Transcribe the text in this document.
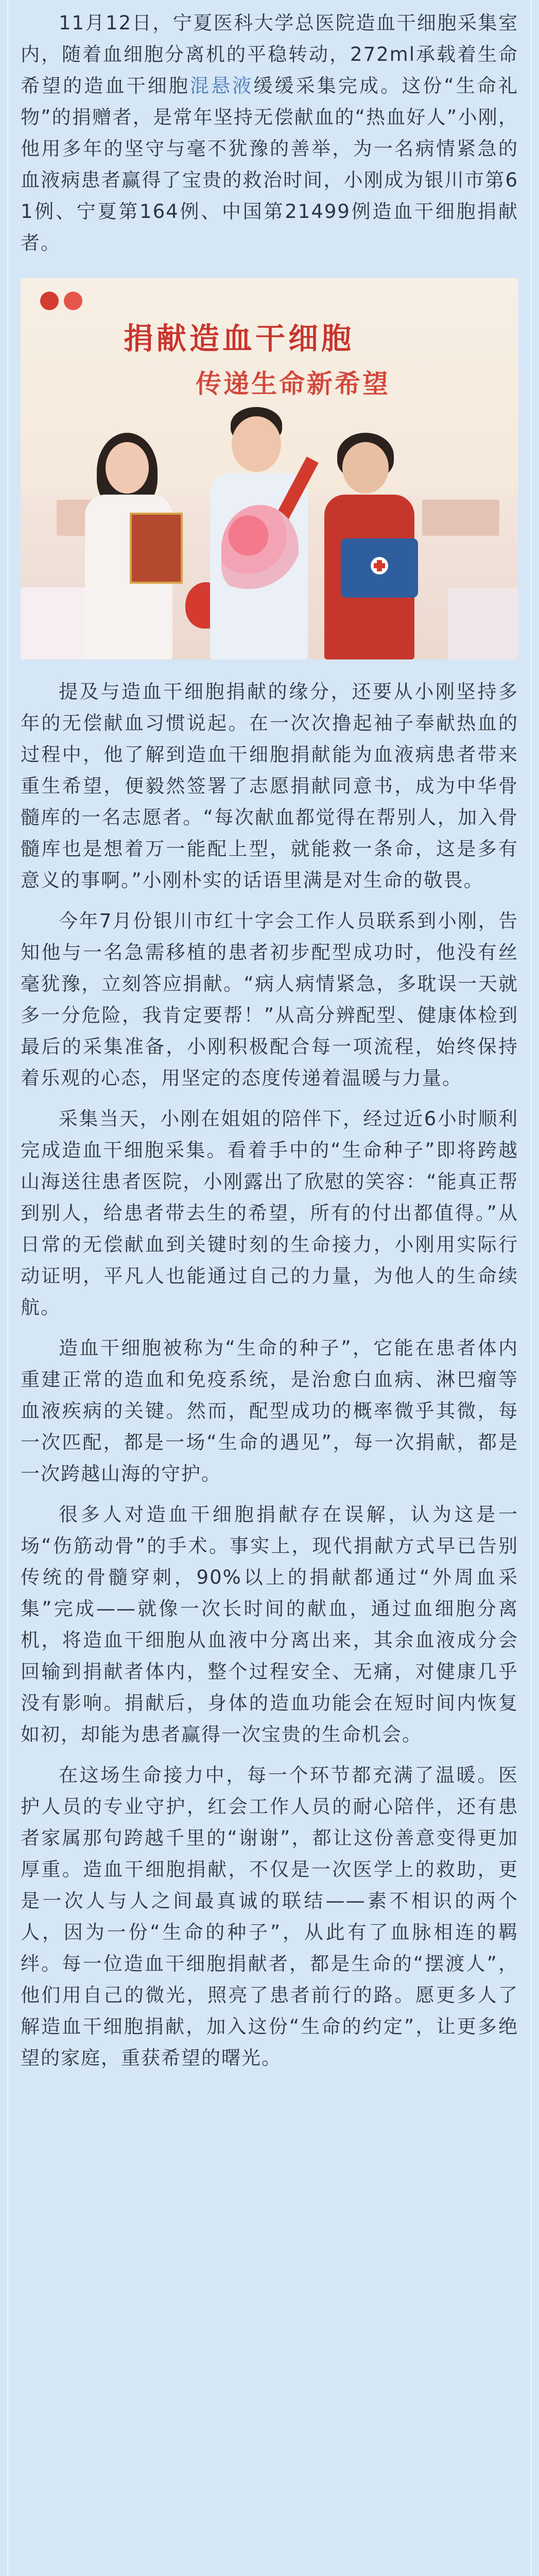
11月12日，宁夏医科大学总医院造血干细胞采集室内，随着血细胞分离机的平稳转动，272ml承载着生命希望的造血干细胞混悬液缓缓采集完成。这份“生命礼物”的捐赠者，是常年坚持无偿献血的“热血好人”小刚，他用多年的坚守与毫不犹豫的善举，为一名病情紧急的血液病患者赢得了宝贵的救治时间，小刚成为银川市第61例、宁夏第164例、中国第21499例造血干细胞捐献者。

捐献造血干细胞
传递生命新希望

提及与造血干细胞捐献的缘分，还要从小刚坚持多年的无偿献血习惯说起。在一次次撸起袖子奉献热血的过程中，他了解到造血干细胞捐献能为血液病患者带来重生希望，便毅然签署了志愿捐献同意书，成为中华骨髓库的一名志愿者。“每次献血都觉得在帮别人，加入骨髓库也是想着万一能配上型，就能救一条命，这是多有意义的事啊。”小刚朴实的话语里满是对生命的敬畏。

今年7月份银川市红十字会工作人员联系到小刚，告知他与一名急需移植的患者初步配型成功时，他没有丝毫犹豫，立刻答应捐献。“病人病情紧急，多耽误一天就多一分危险，我肯定要帮！”从高分辨配型、健康体检到最后的采集准备，小刚积极配合每一项流程，始终保持着乐观的心态，用坚定的态度传递着温暖与力量。

采集当天，小刚在姐姐的陪伴下，经过近6小时顺利完成造血干细胞采集。看着手中的“生命种子”即将跨越山海送往患者医院，小刚露出了欣慰的笑容：“能真正帮到别人，给患者带去生的希望，所有的付出都值得。”从日常的无偿献血到关键时刻的生命接力，小刚用实际行动证明，平凡人也能通过自己的力量，为他人的生命续航。

造血干细胞被称为“生命的种子”，它能在患者体内重建正常的造血和免疫系统，是治愈白血病、淋巴瘤等血液疾病的关键。然而，配型成功的概率微乎其微，每一次匹配，都是一场“生命的遇见”，每一次捐献，都是一次跨越山海的守护。

很多人对造血干细胞捐献存在误解，认为这是一场“伤筋动骨”的手术。事实上，现代捐献方式早已告别传统的骨髓穿刺，90%以上的捐献都通过“外周血采集”完成——就像一次长时间的献血，通过血细胞分离机，将造血干细胞从血液中分离出来，其余血液成分会回输到捐献者体内，整个过程安全、无痛，对健康几乎没有影响。捐献后，身体的造血功能会在短时间内恢复如初，却能为患者赢得一次宝贵的生命机会。

在这场生命接力中，每一个环节都充满了温暖。医护人员的专业守护，红会工作人员的耐心陪伴，还有患者家属那句跨越千里的“谢谢”，都让这份善意变得更加厚重。造血干细胞捐献，不仅是一次医学上的救助，更是一次人与人之间最真诚的联结——素不相识的两个人，因为一份“生命的种子”，从此有了血脉相连的羁绊。每一位造血干细胞捐献者，都是生命的“摆渡人”，他们用自己的微光，照亮了患者前行的路。愿更多人了解造血干细胞捐献，加入这份“生命的约定”，让更多绝望的家庭，重获希望的曙光。
